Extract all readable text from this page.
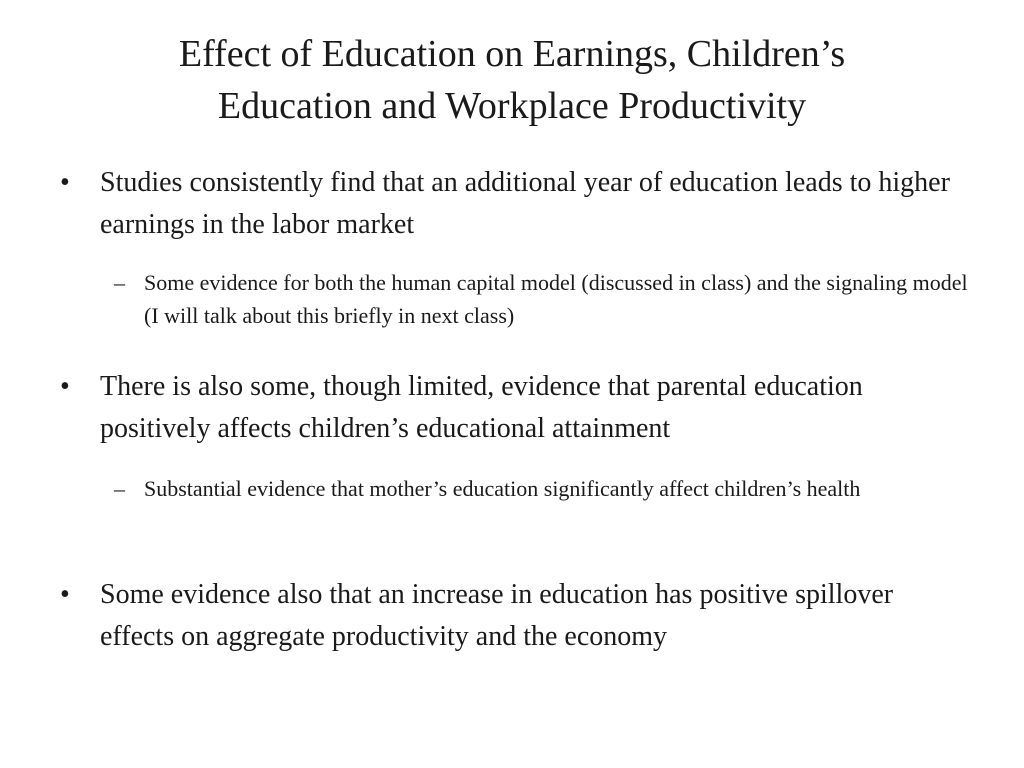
Effect of Education on Earnings, Children’s
Education and Workplace Productivity
•	Studies consistently find that an additional year of education leads to higher earnings in the labor market
– Some evidence for both the human capital model (discussed in class) and the signaling model (I will talk about this briefly in next class)
•	There is also some, though limited, evidence that parental education positively affects children’s educational attainment
– Substantial evidence that mother’s education significantly affect children’s health
•	Some evidence also that an increase in education has positive spillover effects on aggregate productivity and the economy
